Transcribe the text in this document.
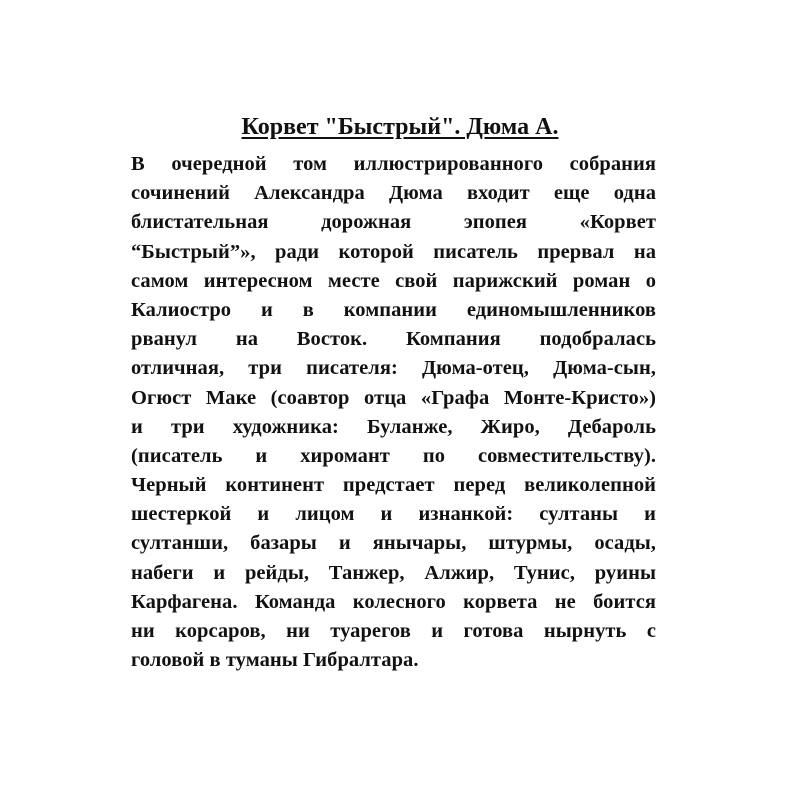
Корвет "Быстрый". Дюма А.
В очередной том иллюстрированного собрания
сочинений Александра Дюма входит еще одна
блистательная дорожная эпопея «Корвет
“Быстрый”», ради которой писатель прервал на
самом интересном месте свой парижский роман о
Калиостро и в компании единомышленников
рванул на Восток. Компания подобралась
отличная, три писателя: Дюма-отец, Дюма-сын,
Огюст Маке (соавтор отца «Графа Монте-Кристо»)
и три художника: Буланже, Жиро, Дебароль
(писатель и хиромант по совместительству).
Черный континент предстает перед великолепной
шестеркой и лицом и изнанкой: султаны и
султанши, базары и янычары, штурмы, осады,
набеги и рейды, Танжер, Алжир, Тунис, руины
Карфагена. Команда колесного корвета не боится
ни корсаров, ни туарегов и готова нырнуть с
головой в туманы Гибралтара.
